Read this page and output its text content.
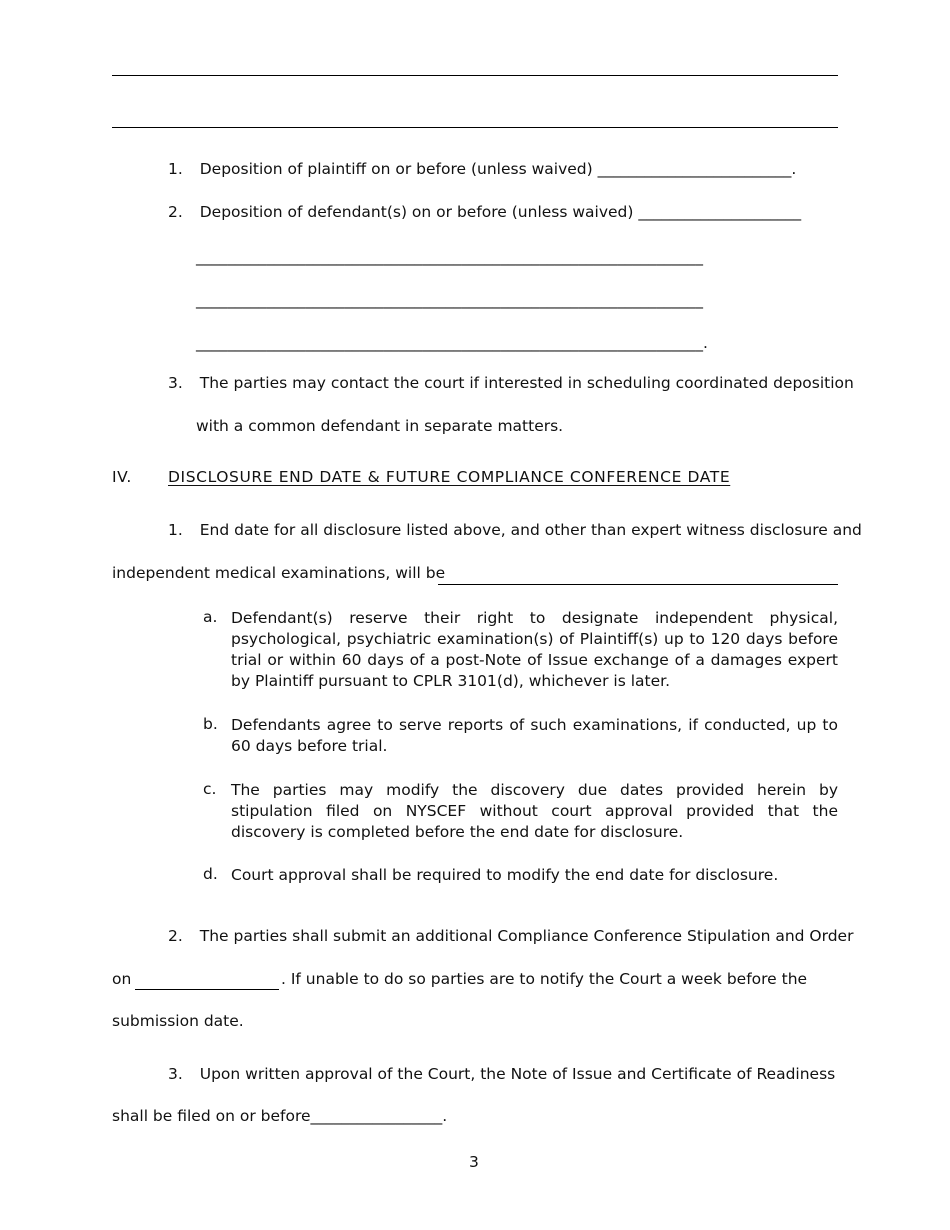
1. Deposition of plaintiff on or before (unless waived) _________________________.
2. Deposition of defendant(s) on or before (unless waived) _____________________
_________________________________________________________________
_________________________________________________________________
_________________________________________________________________.
3. The parties may contact the court if interested in scheduling coordinated deposition
with a common defendant in separate matters.
IV. DISCLOSURE END DATE & FUTURE COMPLIANCE CONFERENCE DATE
1. End date for all disclosure listed above, and other than expert witness disclosure and
independent medical examinations, will be
a. Defendant(s) reserve their right to designate independent physical, psychological, psychiatric examination(s) of Plaintiff(s) up to 120 days before trial or within 60 days of a post-Note of Issue exchange of a damages expert by Plaintiff pursuant to CPLR 3101(d), whichever is later.
b. Defendants agree to serve reports of such examinations, if conducted, up to 60 days before trial.
c. The parties may modify the discovery due dates provided herein by stipulation filed on NYSCEF without court approval provided that the discovery is completed before the end date for disclosure.
d. Court approval shall be required to modify the end date for disclosure.
2. The parties shall submit an additional Compliance Conference Stipulation and Order
on	. If unable to do so parties are to notify the Court a week before the
submission date.
3. Upon written approval of the Court, the Note of Issue and Certificate of Readiness
shall be filed on or before_________________.
3
